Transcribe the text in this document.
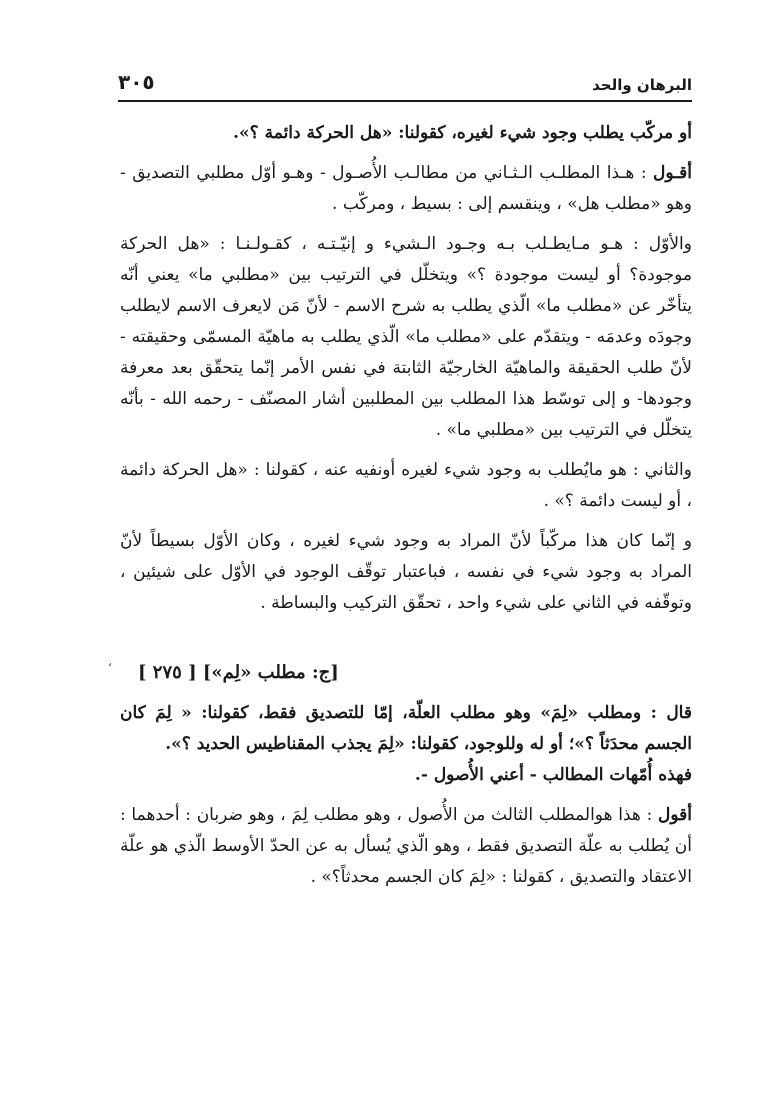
البرهان والحد
٣٠٥

أو مركّب يطلب وجود شيء لغيره، كقولنا: «هل الحركة دائمة ؟».

أقـول : هـذا المطلـب الـثـاني من مطالـب الأُصـول - وهـو أوّل مطلبي التصديق - وهو «مطلب هل» ، وينقسم إلى : بسيط ، ومركّب .

والأوّل : هـو مـايطـلب بـه وجـود الـشيء و إنيّـتـه ، كقـولـنـا : «هل الحركة موجودة؟ أو ليست موجودة ؟» ويتخلّل في الترتيب بين «مطلبي ما» يعني أنّه يتأخّر عن «مطلب ما» الّذي يطلب به شرح الاسم - لأنّ مَن لايعرف الاسم لايطلب وجودَه وعدمَه - ويتقدّم على «مطلب ما» الّذي يطلب به ماهيّة المسمّى وحقيقته - لأنّ طلب الحقيقة والماهيّة الخارجيّة الثابتة في نفس الأمر إنّما يتحقّق بعد معرفة وجودها- و إلى توسّط هذا المطلب بين المطلبين أشار المصنّف - رحمه الله - بأنّه يتخلّل في الترتيب بين «مطلبي ما» .

والثاني : هو مايُطلب به وجود شيء لغيره أونفيه عنه ، كقولنا : «هل الحركة دائمة ، أو ليست دائمة ؟» .

و إنّما كان هذا مركّباً لأنّ المراد به وجود شيء لغيره ، وكان الأوّل بسيطاً لأنّ المراد به وجود شيء في نفسه ، فباعتبار توقّف الوجود في الأوّل على شيئين ، وتوقّفه في الثاني على شيء واحد ، تحقّق التركيب والبساطة .

[ج: مطلب «لِم»] [ ٢٧٥ ]

قال : ومطلب «لِمَ» وهو مطلب العلّة، إمّا للتصديق فقط، كقولنا: « لِمَ كان الجسم محدَثاً ؟»؛ أو له وللوجود، كقولنا: «لِمَ يجذب المقناطيس الحديد ؟».

فهذه أُمّهات المطالب - أعني الأُصول -.

أقول : هذا هوالمطلب الثالث من الأُصول ، وهو مطلب لِمَ ، وهو ضربان : أحدهما : أن يُطلب به علّة التصديق فقط ، وهو الّذي يُسأل به عن الحدّ الأوسط الّذي هو علّة الاعتقاد والتصديق ، كقولنا : «لِمَ كان الجسم محدثاً؟» .

،
